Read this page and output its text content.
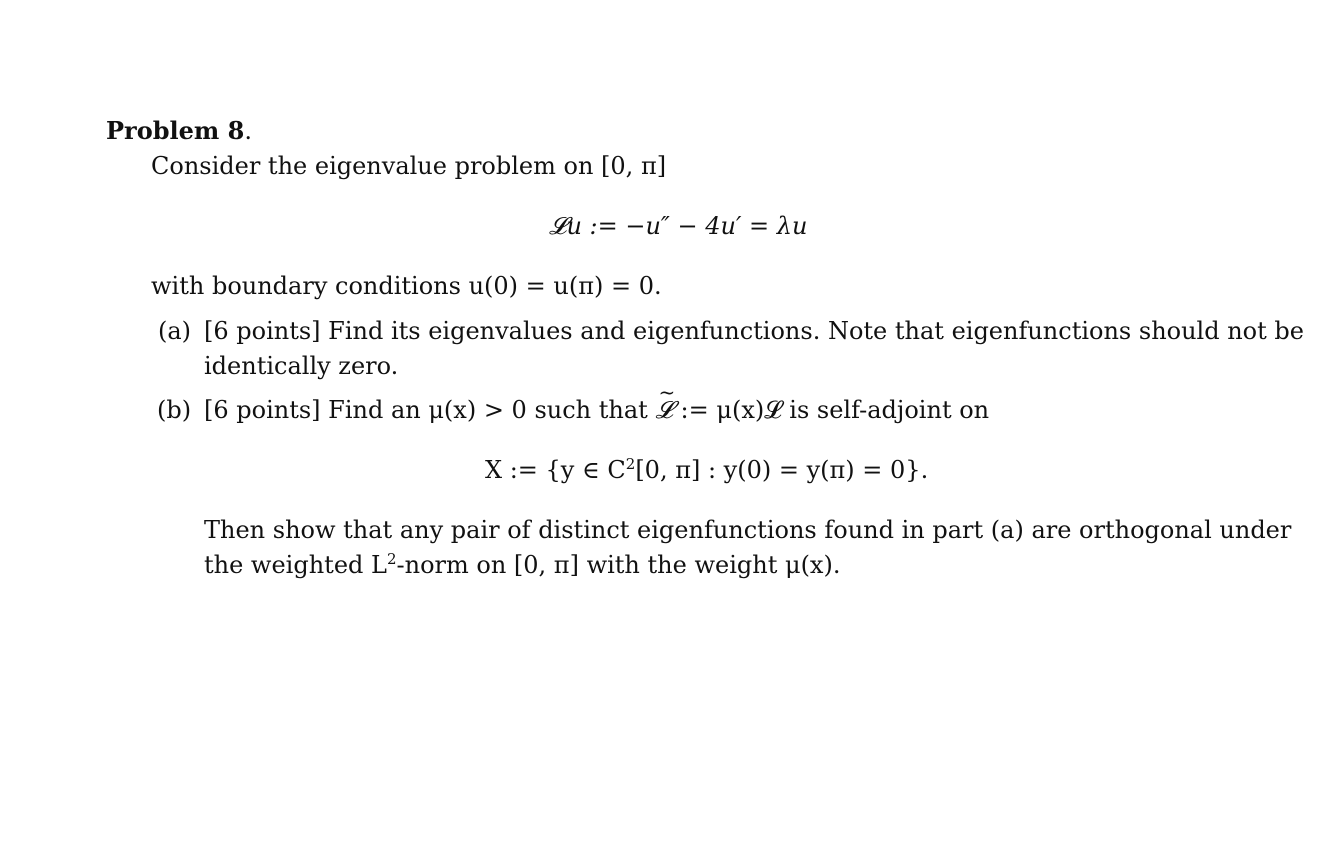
Problem 8.
Consider the eigenvalue problem on [0, π]
𝓛u := −u″ − 4u′ = λu
with boundary conditions u(0) = u(π) = 0.
(a) [6 points] Find its eigenvalues and eigenfunctions. Note that eigenfunctions should not be
identically zero.
(b) [6 points] Find an μ(x) > 0 such that ~ 𝓛 := μ(x)𝓛 is self-adjoint on
X := {y ∈ $C^2[0$, π] : y(0) = y(π) = 0}.
Then show that any pair of distinct eigenfunctions found in part (a) are orthogonal under
the weighted $L^2$-norm on [0, π] with the weight μ(x).
